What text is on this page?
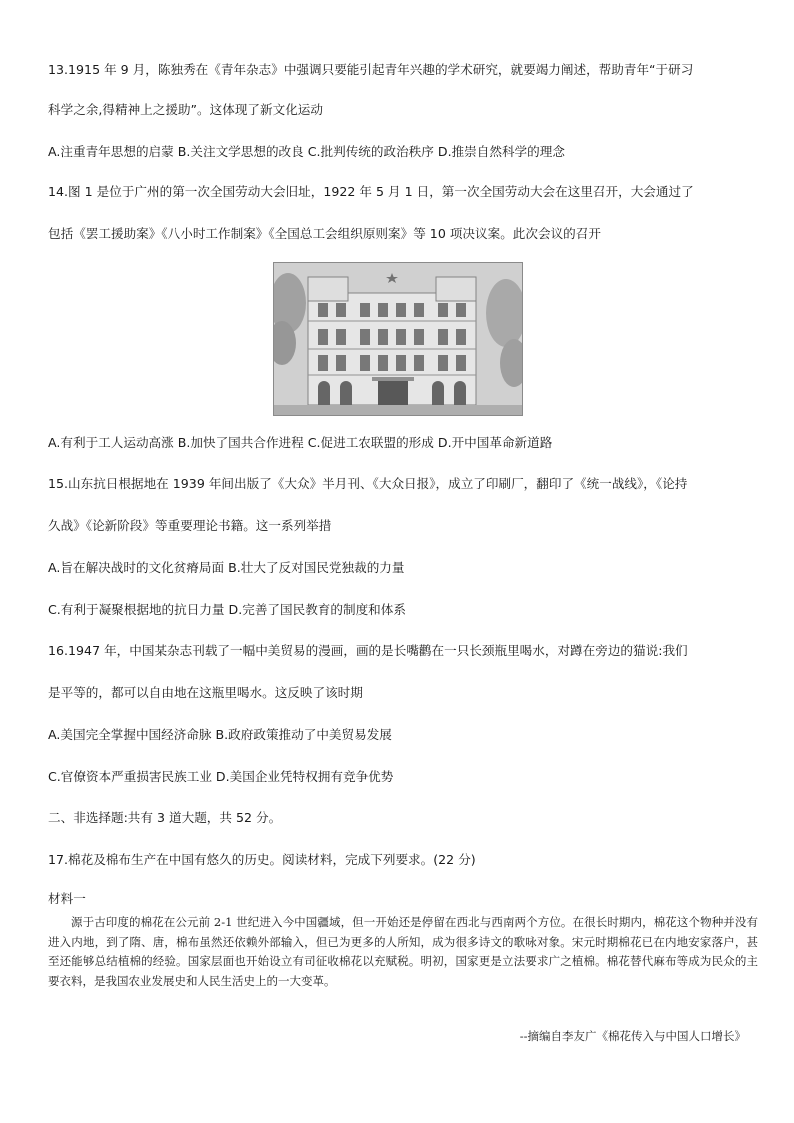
13.1915 年 9 月，陈独秀在《青年杂志》中强调只要能引起青年兴趣的学术研究，就要竭力阐述，帮助青年“于研习
科学之余,得精神上之援助”。这体现了新文化运动
A.注重青年思想的启蒙 B.关注文学思想的改良 C.批判传统的政治秩序 D.推崇自然科学的理念
14.图 1 是位于广州的第一次全国劳动大会旧址，1922 年 5 月 1 日，第一次全国劳动大会在这里召开，大会通过了
包括《罢工援助案》《八小时工作制案》《全国总工会组织原则案》等 10 项决议案。此次会议的召开
A.有利于工人运动高涨 B.加快了国共合作进程 C.促进工农联盟的形成 D.开中国革命新道路
15.山东抗日根据地在 1939 年间出版了《大众》半月刊、《大众日报》，成立了印刷厂，翻印了《统一战线》，《论持
久战》《论新阶段》等重要理论书籍。这一系列举措
A.旨在解决战时的文化贫瘠局面 B.壮大了反对国民党独裁的力量
C.有利于凝聚根据地的抗日力量 D.完善了国民教育的制度和体系
16.1947 年，中国某杂志刊载了一幅中美贸易的漫画，画的是长嘴鹳在一只长颈瓶里喝水，对蹲在旁边的猫说:我们
是平等的，都可以自由地在这瓶里喝水。这反映了该时期
A.美国完全掌握中国经济命脉 B.政府政策推动了中美贸易发展
C.官僚资本严重损害民族工业 D.美国企业凭特权拥有竞争优势
二、非选择题:共有 3 道大题，共 52 分。
17.棉花及棉布生产在中国有悠久的历史。阅读材料，完成下列要求。(22 分)
材料一

源于古印度的棉花在公元前 2-1 世纪进入今中国疆域，但一开始还是停留在西北与西南两个方位。在很长时期内，棉花这个物种并没有进入内地，到了隋、唐，棉布虽然还依赖外部输入，但已为更多的人所知，成为很多诗文的歌咏对象。宋元时期棉花已在内地安家落户，甚至还能够总结植棉的经验。国家层面也开始设立有司征收棉花以充赋税。明初，国家更是立法要求广之植棉。棉花替代麻布等成为民众的主要衣料，是我国农业发展史和人民生活史上的一大变革。

--摘编自李友广《棉花传入与中国人口增长》
